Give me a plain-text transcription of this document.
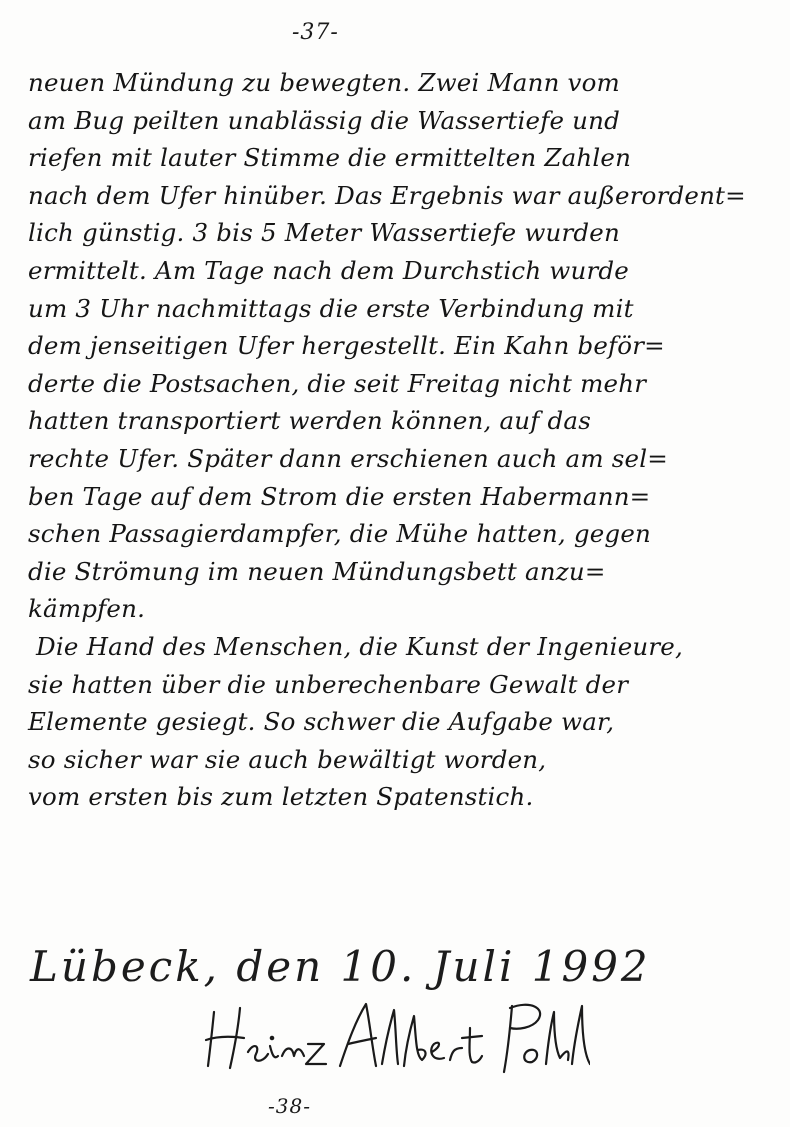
-37-
neuen Mündung zu bewegten. Zwei Mann vom
am Bug peilten unablässig die Wassertiefe und
riefen mit lauter Stimme die ermittelten Zahlen
nach dem Ufer hinüber. Das Ergebnis war außerordent=
lich günstig. 3 bis 5 Meter Wassertiefe wurden
ermittelt. Am Tage nach dem Durchstich wurde
um 3 Uhr nachmittags die erste Verbindung mit
dem jenseitigen Ufer hergestellt. Ein Kahn beför=
derte die Postsachen, die seit Freitag nicht mehr
hatten transportiert werden können, auf das
rechte Ufer. Später dann erschienen auch am sel=
ben Tage auf dem Strom die ersten Habermann=
schen Passagierdampfer, die Mühe hatten, gegen
die Strömung im neuen Mündungsbett anzu=
kämpfen.
Die Hand des Menschen, die Kunst der Ingenieure,
sie hatten über die unberechenbare Gewalt der
Elemente gesiegt. So schwer die Aufgabe war,
so sicher war sie auch bewältigt worden,
vom ersten bis zum letzten Spatenstich.
Lübeck, den 10. Juli 1992
-38-
